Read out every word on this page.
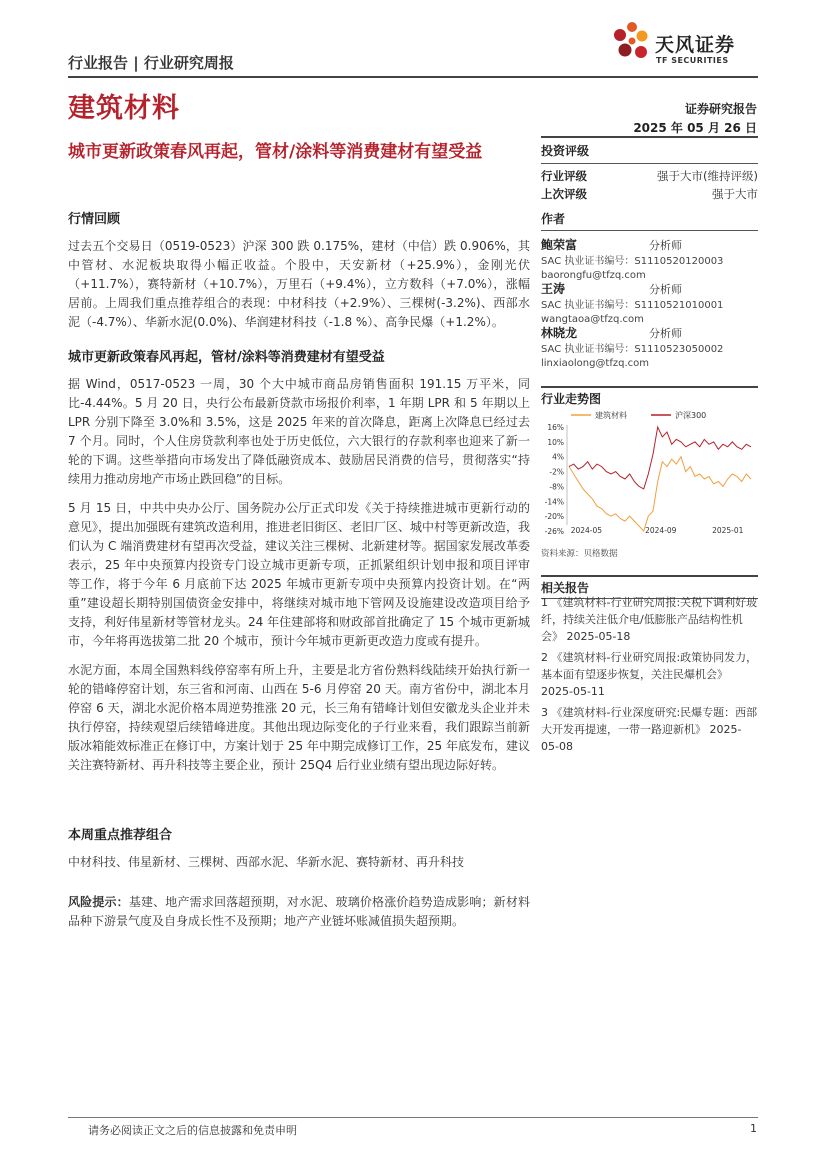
行业报告 | 行业研究周报
建筑材料
天风证券
TF SECURITIES
证券研究报告
2025 年 05 月 26 日
城市更新政策春风再起，管材/涂料等消费建材有望受益
行情回顾
过去五个交易日（0519-0523）沪深 300 跌 0.175%，建材（中信）跌 0.906%，其中管材、水泥板块取得小幅正收益。个股中，天安新材（+25.9%），金刚光伏（+11.7%），赛特新材（+10.7%），万里石（+9.4%），立方数科（+7.0%），涨幅居前。上周我们重点推荐组合的表现：中材科技（+2.9%）、三棵树(-3.2%)、西部水泥（-4.7%）、华新水泥(0.0%)、华润建材科技（-1.8 %）、高争民爆（+1.2%）。
城市更新政策春风再起，管材/涂料等消费建材有望受益
据 Wind，0517-0523 一周，30 个大中城市商品房销售面积 191.15 万平米，同比-4.44%。5 月 20 日，央行公布最新贷款市场报价利率，1 年期 LPR 和 5 年期以上 LPR 分别下降至 3.0%和 3.5%，这是 2025 年来的首次降息，距离上次降息已经过去 7 个月。同时，个人住房贷款利率也处于历史低位，六大银行的存款利率也迎来了新一轮的下调。这些举措向市场发出了降低融资成本、鼓励居民消费的信号，贯彻落实“持续用力推动房地产市场止跌回稳”的目标。
5 月 15 日，中共中央办公厅、国务院办公厅正式印发《关于持续推进城市更新行动的意见》，提出加强既有建筑改造利用，推进老旧街区、老旧厂区、城中村等更新改造，我们认为 C 端消费建材有望再次受益，建议关注三棵树、北新建材等。据国家发展改革委表示，25 年中央预算内投资专门设立城市更新专项，正抓紧组织计划申报和项目评审等工作，将于今年 6 月底前下达 2025 年城市更新专项中央预算内投资计划。在“两重”建设超长期特别国债资金安排中，将继续对城市地下管网及设施建设改造项目给予支持，利好伟星新材等管材龙头。24 年住建部将和财政部首批确定了 15 个城市更新城市，今年将再选拔第二批 20 个城市，预计今年城市更新更改造力度或有提升。
水泥方面，本周全国熟料线停窑率有所上升，主要是北方省份熟料线陆续开始执行新一轮的错峰停窑计划，东三省和河南、山西在 5-6 月停窑 20 天。南方省份中，湖北本月停窑 6 天，湖北水泥价格本周逆势推涨 20 元，长三角有错峰计划但安徽龙头企业并未执行停窑，持续观望后续错峰进度。其他出现边际变化的子行业来看，我们跟踪当前新版冰箱能效标准正在修订中，方案计划于 25 年中期完成修订工作，25 年底发布，建议关注赛特新材、再升科技等主要企业，预计 25Q4 后行业业绩有望出现边际好转。
本周重点推荐组合
中材科技、伟星新材、三棵树、西部水泥、华新水泥、赛特新材、再升科技
风险提示：基建、地产需求回落超预期，对水泥、玻璃价格涨价趋势造成影响；新材料品种下游景气度及自身成长性不及预期；地产产业链坏账减值损失超预期。
投资评级
行业评级	强于大市(维持评级)
上次评级	强于大市
作者
鲍荣富	分析师
SAC 执业证书编号：S1110520120003
baorongfu@tfzq.com
王涛	分析师
SAC 执业证书编号：S1110521010001
wangtaoa@tfzq.com
林晓龙	分析师
SAC 执业证书编号：S1110523050002
linxiaolong@tfzq.com
行业走势图
建筑材料	沪深300
16%
10%
4%
-2%
-8%
-14%
-20%
-26% 2024-05	2024-09	2025-01
资料来源：贝格数据
相关报告
1 《建筑材料-行业研究周报:关税下调利好玻纤，持续关注低介电/低膨胀产品结构性机会》 2025-05-18
2 《建筑材料-行业研究周报:政策协同发力，基本面有望逐步恢复，关注民爆机会》 2025-05-11
3 《建筑材料-行业深度研究:民爆专题：西部大开发再提速，一带一路迎新机》 2025-05-08
请务必阅读正文之后的信息披露和免责申明	1
